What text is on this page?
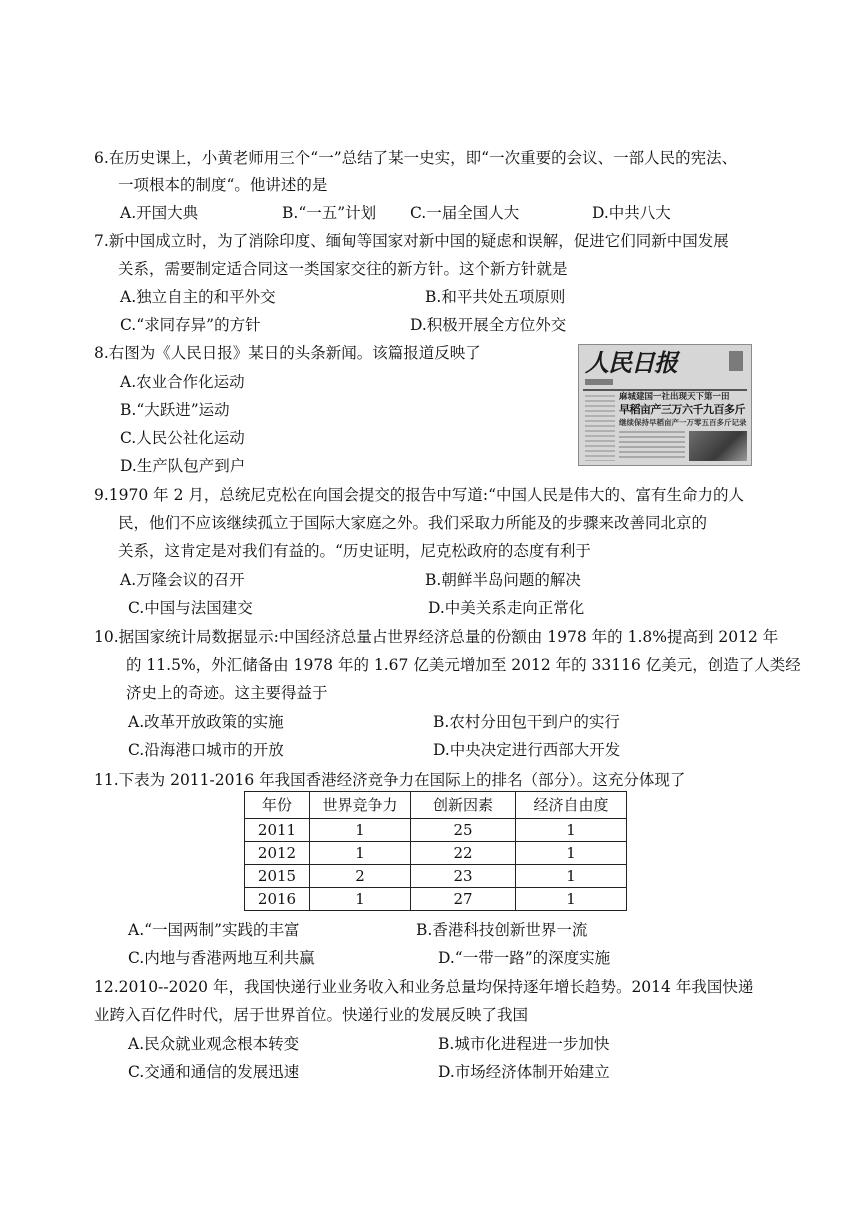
6.在历史课上，小黄老师用三个“一”总结了某一史实，即“一次重要的会议、一部人民的宪法、
一项根本的制度“。他讲述的是
A.开国大典	B.“一五”计划 C.一届全国人大	D.中共八大
7.新中国成立时，为了消除印度、缅甸等国家对新中国的疑虑和误解，促进它们同新中国发展
关系，需要制定适合同这一类国家交往的新方针。这个新方针就是
A.独立自主的和平外交	B.和平共处五项原则
C.“求同存异”的方针	D.积极开展全方位外交
8.右图为《人民日报》某日的头条新闻。该篇报道反映了
A.农业合作化运动
B.“大跃进”运动
C.人民公社化运动
D.生产队包产到户
人民日报
麻城建国一社出现天下第一田
早稻亩产三万六千九百多斤
继续保持早稻亩产一万零五百多斤记录
9.1970 年 2 月，总统尼克松在向国会提交的报告中写道:“中国人民是伟大的、富有生命力的人
民，他们不应该继续孤立于国际大家庭之外。我们采取力所能及的步骤来改善同北京的
关系，这肯定是对我们有益的。“历史证明，尼克松政府的态度有利于
A.万隆会议的召开	B.朝鲜半岛问题的解决
C.中国与法国建交	D.中美关系走向正常化
10.据国家统计局数据显示:中国经济总量占世界经济总量的份额由 1978 年的 1.8%提高到 2012 年
的 11.5%，外汇储备由 1978 年的 1.67 亿美元增加至 2012 年的 33116 亿美元，创造了人类经
济史上的奇迹。这主要得益于
A.改革开放政策的实施	B.农村分田包干到户的实行
C.沿海港口城市的开放	D.中央决定进行西部大开发
11.下表为 2011-2016 年我国香港经济竞争力在国际上的排名（部分）。这充分体现了
年份	世界竞争力	创新因素	经济自由度
2011	1	25	1
2012	1	22	1
2015	2	23	1
2016	1	27	1
A.“一国两制”实践的丰富	B.香港科技创新世界一流
C.内地与香港两地互利共赢	D.“一带一路”的深度实施
12.2010--2020 年，我国快递行业业务收入和业务总量均保持逐年增长趋势。2014 年我国快递
业跨入百亿件时代，居于世界首位。快递行业的发展反映了我国
A.民众就业观念根本转变	B.城市化进程进一步加快
C.交通和通信的发展迅速	D.市场经济体制开始建立
